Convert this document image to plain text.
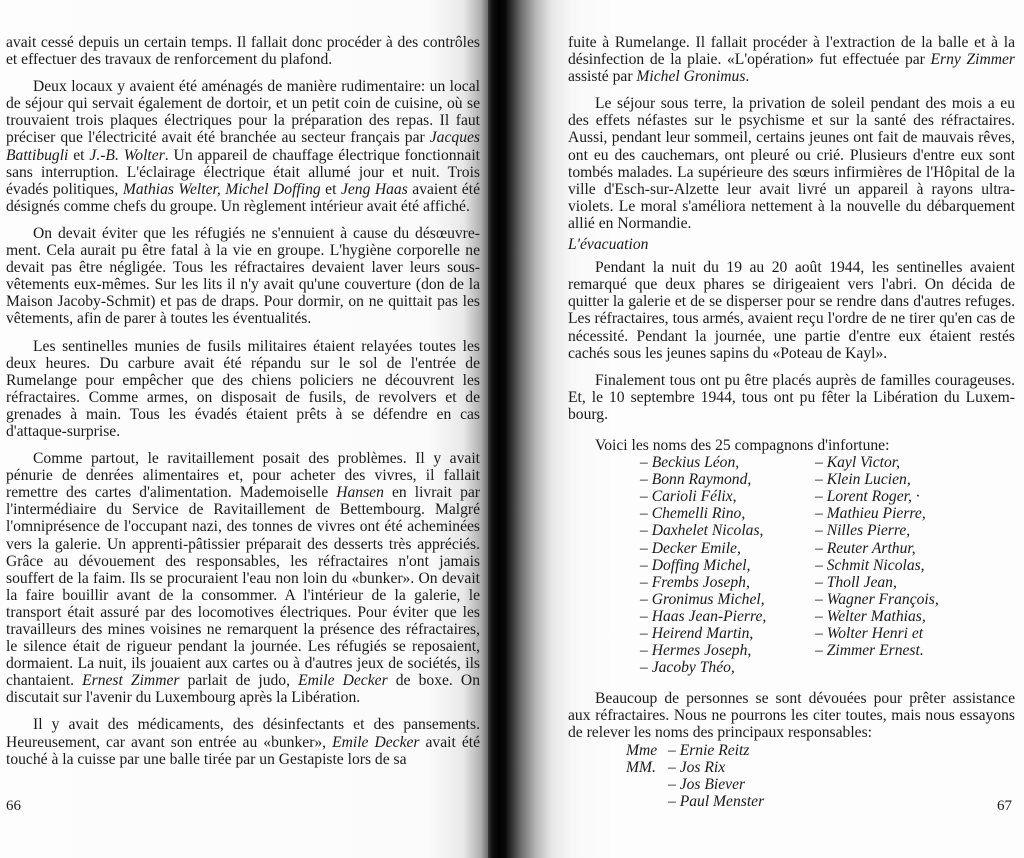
avait cessé depuis un certain temps. Il fallait donc procéder à des contrôles et effectuer des travaux de renforcement du plafond.

Deux locaux y avaient été aménagés de manière rudimentaire: un local de séjour qui servait également de dortoir, et un petit coin de cuisine, où se trouvaient trois plaques électriques pour la préparation des repas. Il faut préciser que l'électricité avait été branchée au secteur français par Jacques Battibugli et J.-B. Wolter. Un appareil de chauffage électrique fonctionnait sans interruption. L'éclairage électrique était allumé jour et nuit. Trois évadés politiques, Mathias Welter, Michel Doffing et Jeng Haas avaient été désignés comme chefs du groupe. Un règlement intérieur avait été affiché.

On devait éviter que les réfugiés ne s'ennuient à cause du désœuvrement. Cela aurait pu être fatal à la vie en groupe. L'hygiène corporelle ne devait pas être négligée. Tous les réfractaires devaient laver leurs sous-vêtements eux-mêmes. Sur les lits il n'y avait qu'une couverture (don de la Maison Jacoby-Schmit) et pas de draps. Pour dormir, on ne quittait pas les vêtements, afin de parer à toutes les éventualités.

Les sentinelles munies de fusils militaires étaient relayées toutes les deux heures. Du carbure avait été répandu sur le sol de l'entrée de Rumelange pour empêcher que des chiens policiers ne découvrent les réfractaires. Comme armes, on disposait de fusils, de revolvers et de grenades à main. Tous les évadés étaient prêts à se défendre en cas d'attaque-surprise.

Comme partout, le ravitaillement posait des problèmes. Il y avait pénurie de denrées alimentaires et, pour acheter des vivres, il fallait remettre des cartes d'alimentation. Mademoiselle Hansen en livrait par l'intermédiaire du Service de Ravitaillement de Bettembourg. Malgré l'omniprésence de l'occupant nazi, des tonnes de vivres ont été acheminées vers la galerie. Un apprenti-pâtissier préparait des desserts très appréciés. Grâce au dévouement des responsables, les réfractaires n'ont jamais souffert de la faim. Ils se procuraient l'eau non loin du «bunker». On devait la faire bouillir avant de la consommer. A l'intérieur de la galerie, le transport était assuré par des locomotives électriques. Pour éviter que les travailleurs des mines voisines ne remarquent la présence des réfractaires, le silence était de rigueur pendant la journée. Les réfugiés se reposaient, dormaient. La nuit, ils jouaient aux cartes ou à d'autres jeux de sociétés, ils chantaient. Ernest Zimmer parlait de judo, Emile Decker de boxe. On discutait sur l'avenir du Luxembourg après la Libération.

Il y avait des médicaments, des désinfectants et des pansements. Heureusement, car avant son entrée au «bunker», Emile Decker avait été touché à la cuisse par une balle tirée par un Gestapiste lors de sa

66

fuite à Rumelange. Il fallait procéder à l'extraction de la balle et à la désinfection de la plaie. «L'opération» fut effectuée par Erny Zimmer assisté par Michel Gronimus.

Le séjour sous terre, la privation de soleil pendant des mois a eu des effets néfastes sur le psychisme et sur la santé des réfractaires. Aussi, pendant leur sommeil, certains jeunes ont fait de mauvais rêves, ont eu des cauchemars, ont pleuré ou crié. Plusieurs d'entre eux sont tombés malades. La supérieure des sœurs infirmières de l'Hôpital de la ville d'Esch-sur-Alzette leur avait livré un appareil à rayons ultra-violets. Le moral s'améliora nettement à la nouvelle du débarquement allié en Normandie.

L'évacuation

Pendant la nuit du 19 au 20 août 1944, les sentinelles avaient remarqué que deux phares se dirigeaient vers l'abri. On décida de quitter la galerie et de se disperser pour se rendre dans d'autres refuges. Les réfractaires, tous armés, avaient reçu l'ordre de ne tirer qu'en cas de nécessité. Pendant la journée, une partie d'entre eux étaient restés cachés sous les jeunes sapins du «Poteau de Kayl».

Finalement tous ont pu être placés auprès de familles courageuses. Et, le 10 septembre 1944, tous ont pu fêter la Libération du Luxembourg.

Voici les noms des 25 compagnons d'infortune:

– Beckius Léon,
– Bonn Raymond,
– Carioli Félix,
– Chemelli Rino,
– Daxhelet Nicolas,
– Decker Emile,
– Doffing Michel,
– Frembs Joseph,
– Gronimus Michel,
– Haas Jean-Pierre,
– Heirend Martin,
– Hermes Joseph,
– Jacoby Théo,
– Kayl Victor,
– Klein Lucien,
– Lorent Roger, ·
– Mathieu Pierre,
– Nilles Pierre,
– Reuter Arthur,
– Schmit Nicolas,
– Tholl Jean,
– Wagner François,
– Welter Mathias,
– Wolter Henri et
– Zimmer Ernest.

Beaucoup de personnes se sont dévouées pour prêter assistance aux réfractaires. Nous ne pourrons les citer toutes, mais nous essayons de relever les noms des principaux responsables:

Mme – Ernie Reitz
MM. – Jos Rix
– Jos Biever
– Paul Menster	67
